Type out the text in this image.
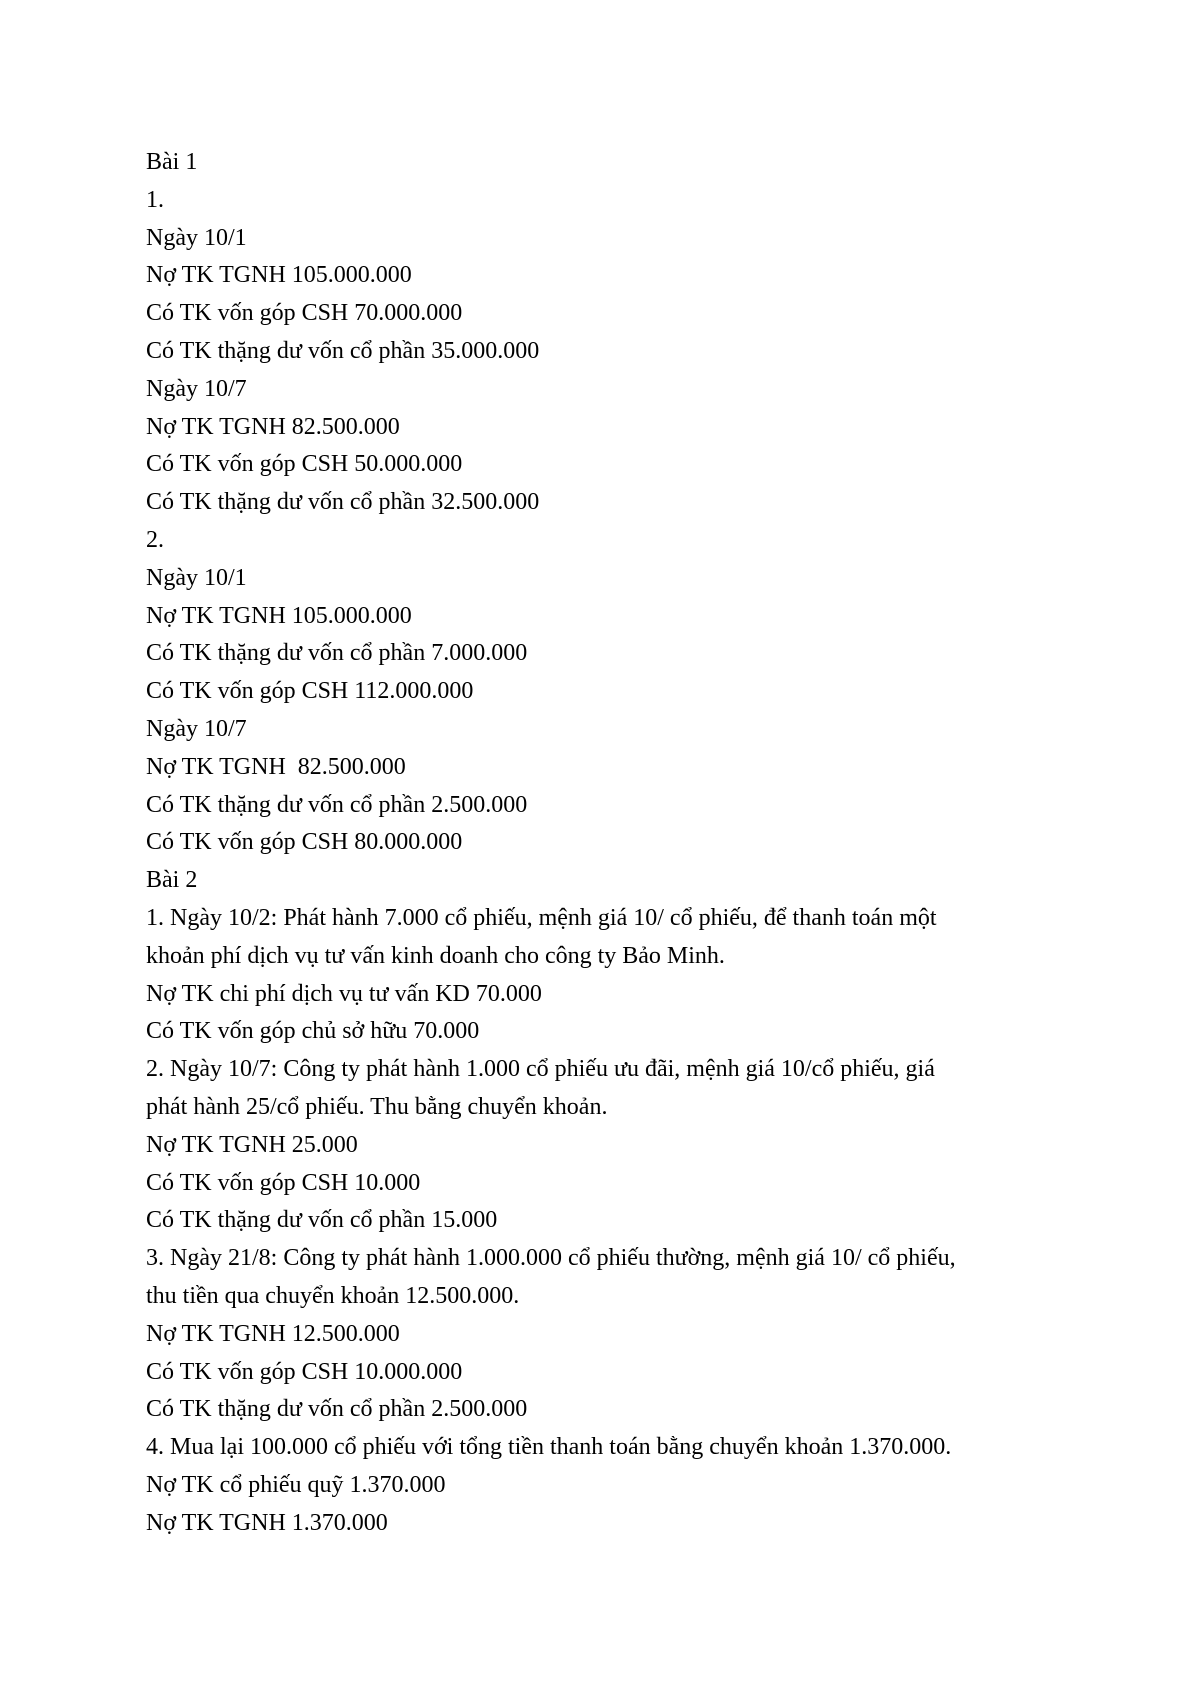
Bài 1
1.
Ngày 10/1
Nợ TK TGNH 105.000.000
Có TK vốn góp CSH 70.000.000
Có TK thặng dư vốn cổ phần 35.000.000
Ngày 10/7
Nợ TK TGNH 82.500.000
Có TK vốn góp CSH 50.000.000
Có TK thặng dư vốn cổ phần 32.500.000
2.
Ngày 10/1
Nợ TK TGNH 105.000.000
Có TK thặng dư vốn cổ phần 7.000.000
Có TK vốn góp CSH 112.000.000
Ngày 10/7
Nợ TK TGNH  82.500.000
Có TK thặng dư vốn cổ phần 2.500.000
Có TK vốn góp CSH 80.000.000
Bài 2
1. Ngày 10/2: Phát hành 7.000 cổ phiếu, mệnh giá 10/ cổ phiếu, để thanh toán một
khoản phí dịch vụ tư vấn kinh doanh cho công ty Bảo Minh.
Nợ TK chi phí dịch vụ tư vấn KD 70.000
Có TK vốn góp chủ sở hữu 70.000
2. Ngày 10/7: Công ty phát hành 1.000 cổ phiếu ưu đãi, mệnh giá 10/cổ phiếu, giá
phát hành 25/cổ phiếu. Thu bằng chuyển khoản.
Nợ TK TGNH 25.000
Có TK vốn góp CSH 10.000
Có TK thặng dư vốn cổ phần 15.000
3. Ngày 21/8: Công ty phát hành 1.000.000 cổ phiếu thường, mệnh giá 10/ cổ phiếu,
thu tiền qua chuyển khoản 12.500.000.
Nợ TK TGNH 12.500.000
Có TK vốn góp CSH 10.000.000
Có TK thặng dư vốn cổ phần 2.500.000
4. Mua lại 100.000 cổ phiếu với tổng tiền thanh toán bằng chuyển khoản 1.370.000.
Nợ TK cổ phiếu quỹ 1.370.000
Nợ TK TGNH 1.370.000
